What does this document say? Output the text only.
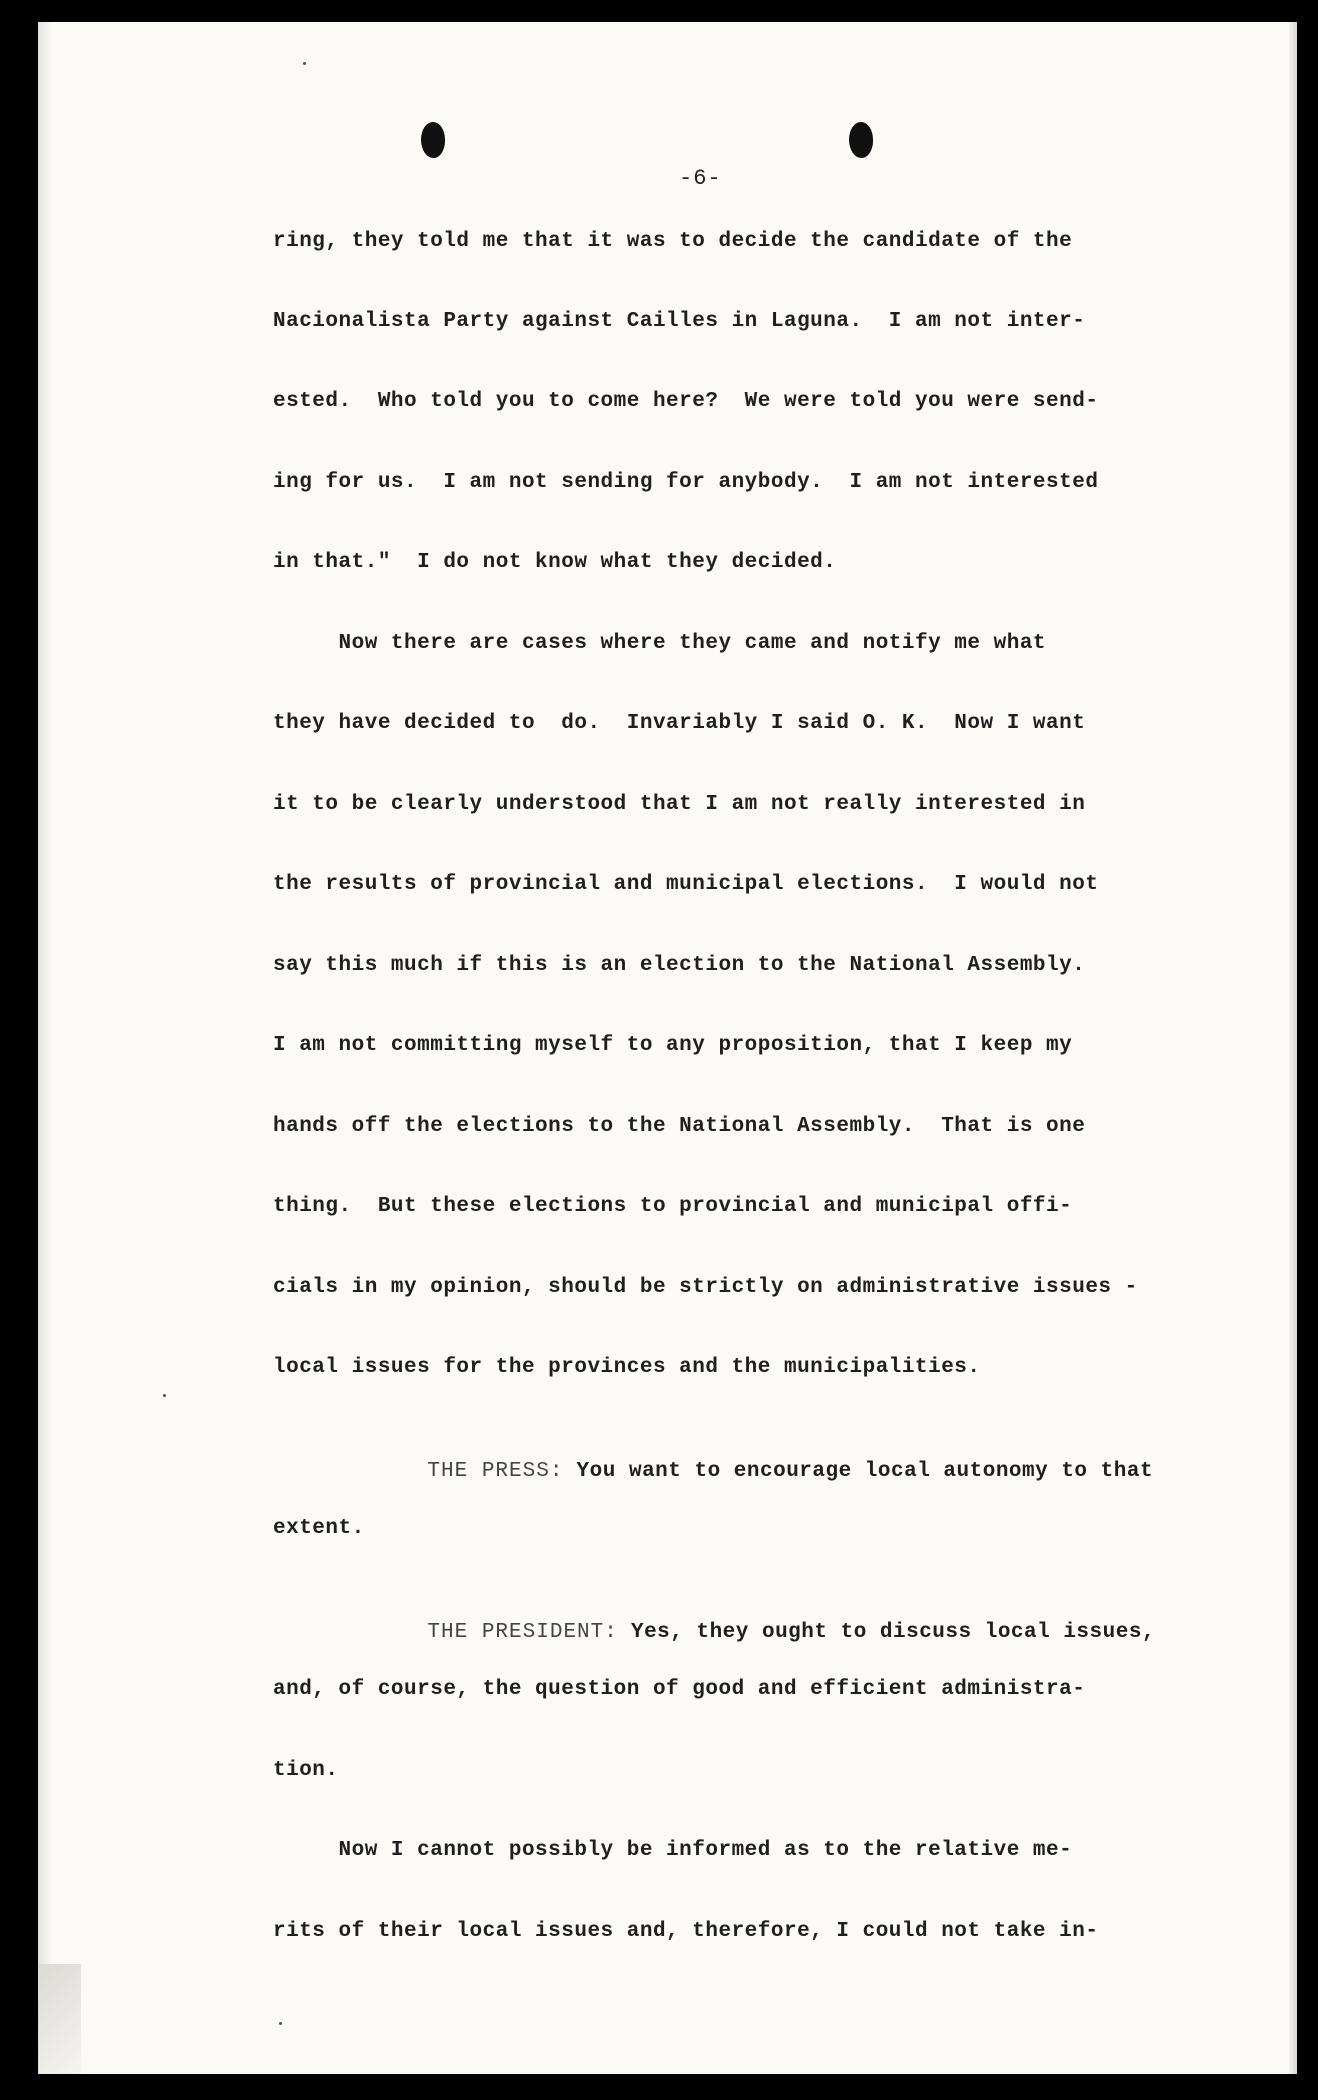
-6-
ring, they told me that it was to decide the candidate of the
Nacionalista Party against Cailles in Laguna.  I am not inter-
ested.  Who told you to come here?  We were told you were send-
ing for us.  I am not sending for anybody.  I am not interested
in that."  I do not know what they decided.
Now there are cases where they came and notify me what
they have decided to  do.  Invariably I said O. K.  Now I want
it to be clearly understood that I am not really interested in
the results of provincial and municipal elections.  I would not
say this much if this is an election to the National Assembly.
I am not committing myself to any proposition, that I keep my
hands off the elections to the National Assembly.  That is one
thing.  But these elections to provincial and municipal offi-
cials in my opinion, should be strictly on administrative issues -
local issues for the provinces and the municipalities.

THE PRESS: You want to encourage local autonomy to that

extent.

THE PRESIDENT: Yes, they ought to discuss local issues,

and, of course, the question of good and efficient administra-
tion.
Now I cannot possibly be informed as to the relative me-
rits of their local issues and, therefore, I could not take in-
